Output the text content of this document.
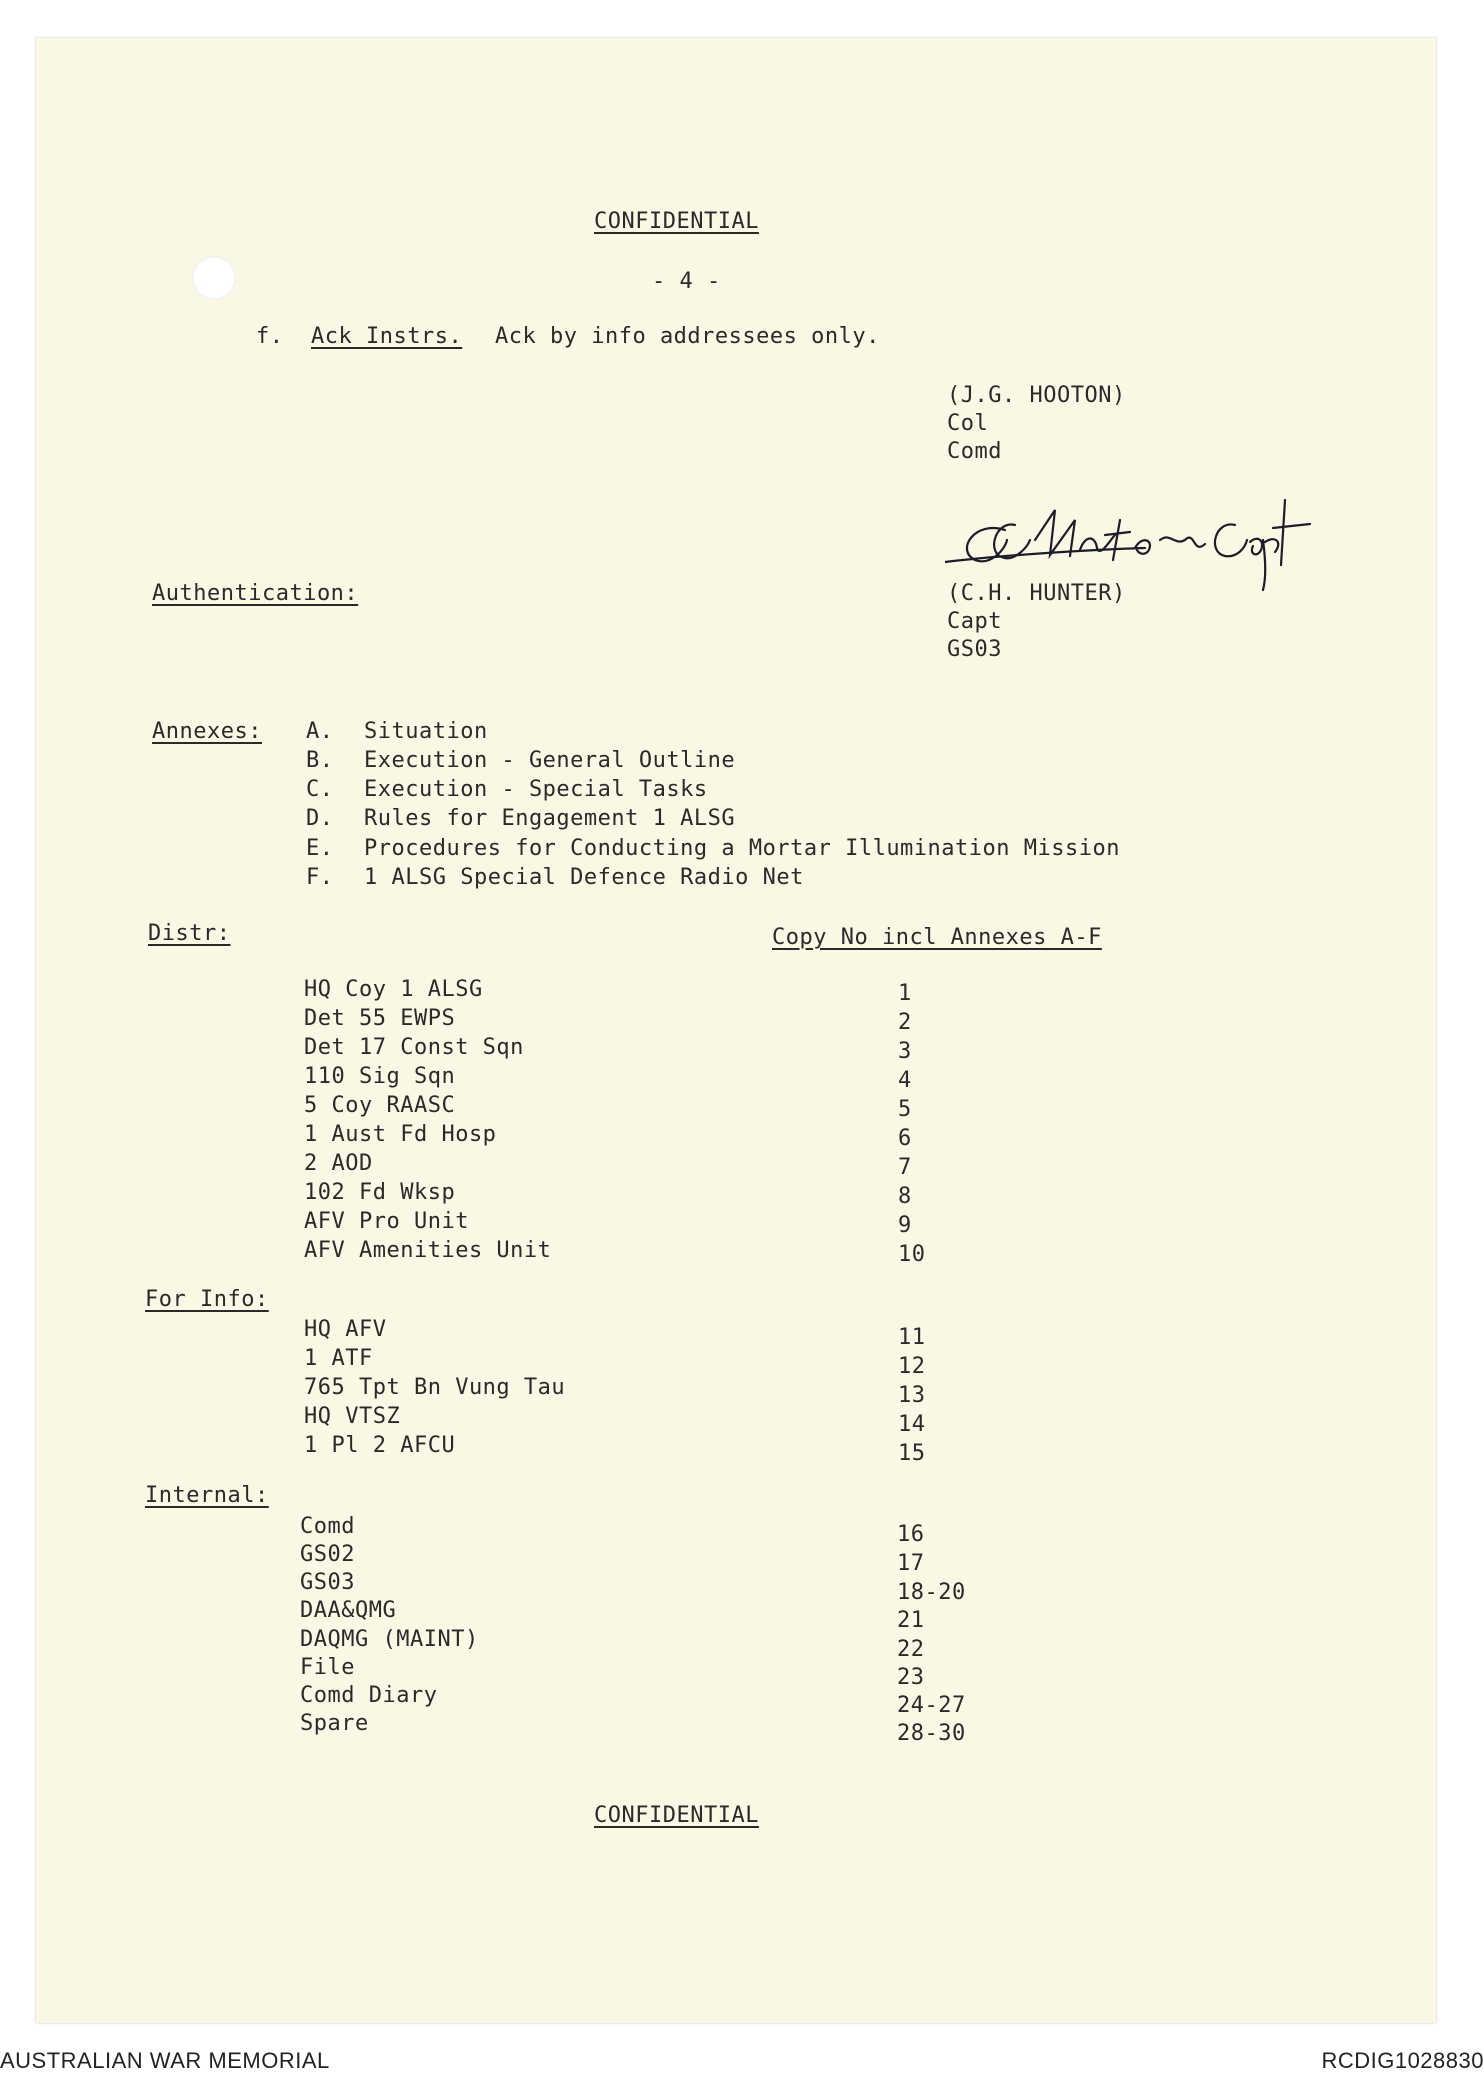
CONFIDENTIAL
- 4 -
f. Ack Instrs. Ack by info addressees only.
(J.G. HOOTON)
Col
Comd
Authentication:	(C.H. HUNTER)
Capt
GS03
Annexes: A. Situation
B. Execution - General Outline
C. Execution - Special Tasks
D. Rules for Engagement 1 ALSG
E. Procedures for Conducting a Mortar Illumination Mission
F. 1 ALSG Special Defence Radio Net
Distr:	Copy No incl Annexes A-F
HQ Coy 1 ALSG	1
Det 55 EWPS	2
Det 17 Const Sqn	3
110 Sig Sqn	4
5 Coy RAASC	5
1 Aust Fd Hosp	6
2 AOD	7
102 Fd Wksp	8
AFV Pro Unit	9
AFV Amenities Unit	10
For Info:
HQ AFV	11
1 ATF	12
765 Tpt Bn Vung Tau	13
HQ VTSZ	14
1 Pl 2 AFCU	15
Internal:
Comd	16
GS02	17
GS03	18-20
DAA&QMG	21
DAQMG (MAINT)	22
File	23
Comd Diary	24-27
Spare	28-30
CONFIDENTIAL
AUSTRALIAN WAR MEMORIAL	RCDIG1028830
